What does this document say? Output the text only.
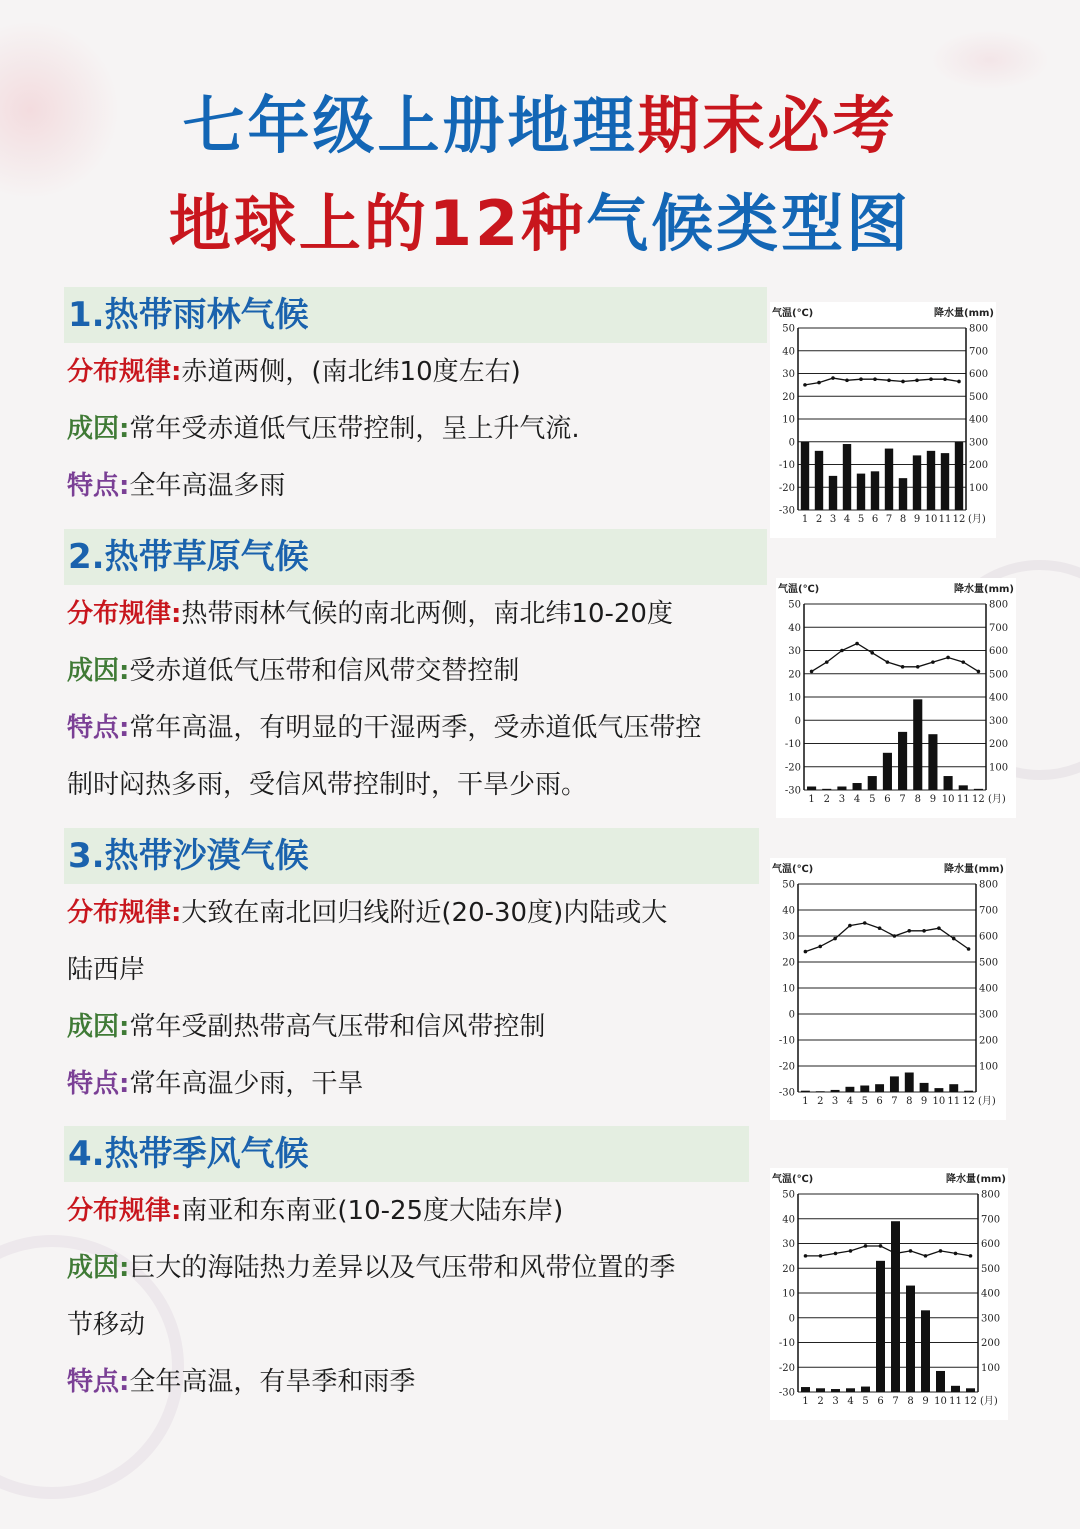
七年级上册地理期末必考
地球上的12种气候类型图
1.热带雨林气候
分布规律:赤道两侧，(南北纬10度左右)
成因:常年受赤道低气压带控制，呈上升气流.
特点:全年高温多雨
2.热带草原气候
分布规律:热带雨林气候的南北两侧，南北纬10-20度
成因:受赤道低气压带和信风带交替控制
特点:常年高温，有明显的干湿两季，受赤道低气压带控
制时闷热多雨，受信风带控制时，干旱少雨。
3.热带沙漠气候
分布规律:大致在南北回归线附近(20-30度)内陆或大
陆西岸
成因:常年受副热带高气压带和信风带控制
特点:常年高温少雨，干旱
4.热带季风气候
分布规律:南亚和东南亚(10-25度大陆东岸)
成因:巨大的海陆热力差异以及气压带和风带位置的季
节移动
特点:全年高温，有旱季和雨季
气温(℃)	降水量(mm)
50
40
30
20
10
0
-10
-20
-30
800
700
600
500
400
300
200
100
1 2 3 4 5 6 7 8 9 10 11 12 (月)
气温(℃)	降水量(mm)
50
40
30
20
10
0
-10
-20
-30
800
700
600
500
400
300
200
100
1 2 3 4 5 6 7 8 9 10 11 12 (月)
气温(℃)	降水量(mm)
50
40
30
20
10
0
-10
-20
-30
800
700
600
500
400
300
200
100
1 2 3 4 5 6 7 8 9 10 11 12 (月)
气温(℃)	降水量(mm)
50
40
30
20
10
0
-10
-20
-30
800
700
600
500
400
300
200
100
1 2 3 4 5 6 7 8 9 10 11 12 (月)
